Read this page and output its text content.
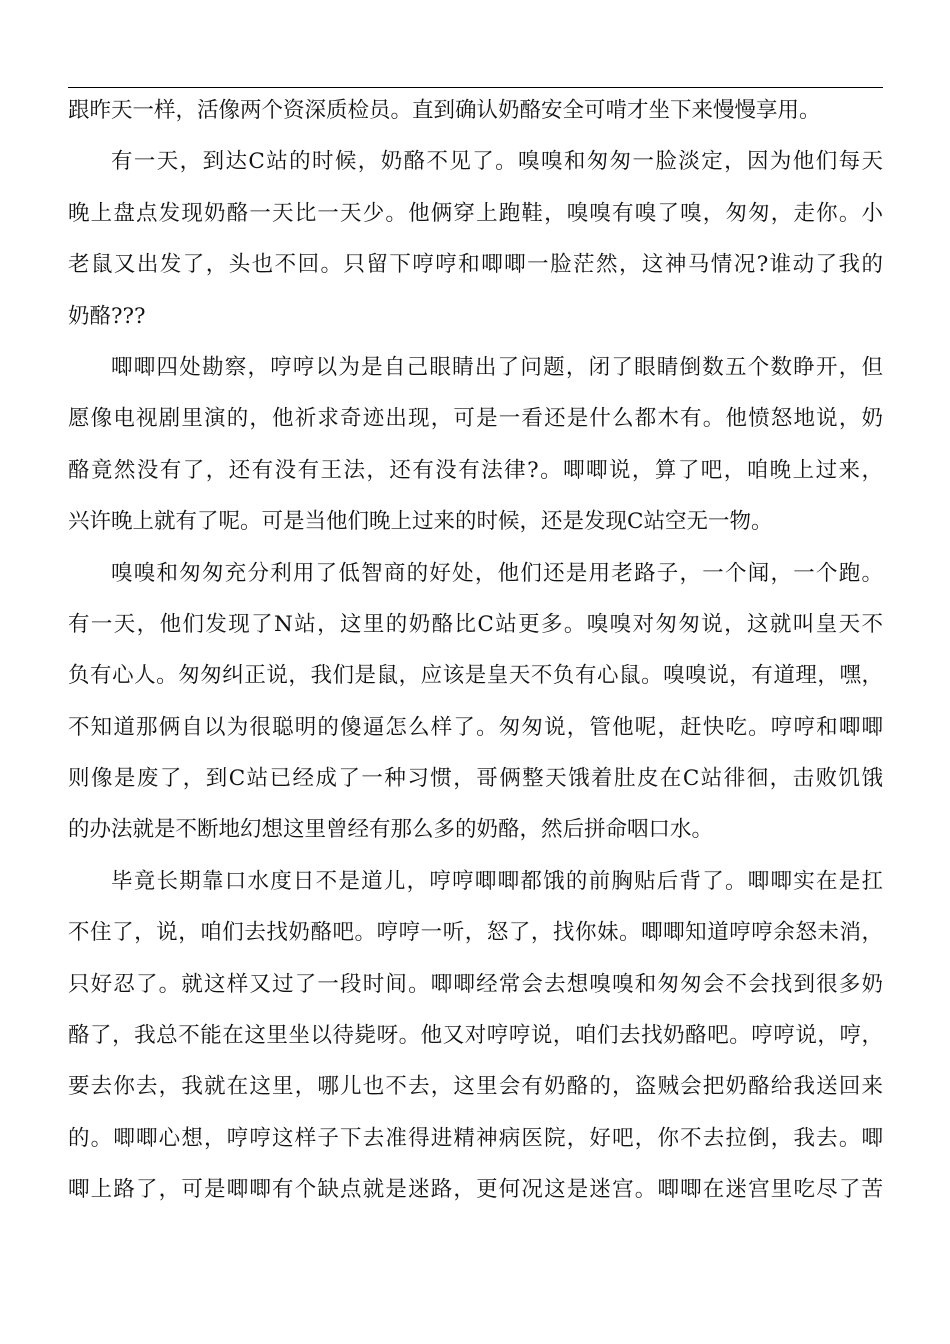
跟昨天一样，活像两个资深质检员。直到确认奶酪安全可啃才坐下来慢慢享用。
有一天，到达C站的时候，奶酪不见了。嗅嗅和匆匆一脸淡定，因为他们每天
晚上盘点发现奶酪一天比一天少。他俩穿上跑鞋，嗅嗅有嗅了嗅，匆匆，走你。小
老鼠又出发了，头也不回。只留下哼哼和唧唧一脸茫然，这神马情况?谁动了我的
奶酪???
唧唧四处勘察，哼哼以为是自己眼睛出了问题，闭了眼睛倒数五个数睁开，但
愿像电视剧里演的，他祈求奇迹出现，可是一看还是什么都木有。他愤怒地说，奶
酪竟然没有了，还有没有王法，还有没有法律?。唧唧说，算了吧，咱晚上过来，
兴许晚上就有了呢。可是当他们晚上过来的时候，还是发现C站空无一物。
嗅嗅和匆匆充分利用了低智商的好处，他们还是用老路子，一个闻，一个跑。
有一天，他们发现了N站，这里的奶酪比C站更多。嗅嗅对匆匆说，这就叫皇天不
负有心人。匆匆纠正说，我们是鼠，应该是皇天不负有心鼠。嗅嗅说，有道理，嘿，
不知道那俩自以为很聪明的傻逼怎么样了。匆匆说，管他呢，赶快吃。哼哼和唧唧
则像是废了，到C站已经成了一种习惯，哥俩整天饿着肚皮在C站徘徊，击败饥饿
的办法就是不断地幻想这里曾经有那么多的奶酪，然后拼命咽口水。
毕竟长期靠口水度日不是道儿，哼哼唧唧都饿的前胸贴后背了。唧唧实在是扛
不住了，说，咱们去找奶酪吧。哼哼一听，怒了，找你妹。唧唧知道哼哼余怒未消，
只好忍了。就这样又过了一段时间。唧唧经常会去想嗅嗅和匆匆会不会找到很多奶
酪了，我总不能在这里坐以待毙呀。他又对哼哼说，咱们去找奶酪吧。哼哼说，哼，
要去你去，我就在这里，哪儿也不去，这里会有奶酪的，盗贼会把奶酪给我送回来
的。唧唧心想，哼哼这样子下去准得进精神病医院，好吧，你不去拉倒，我去。唧
唧上路了，可是唧唧有个缺点就是迷路，更何况这是迷宫。唧唧在迷宫里吃尽了苦
